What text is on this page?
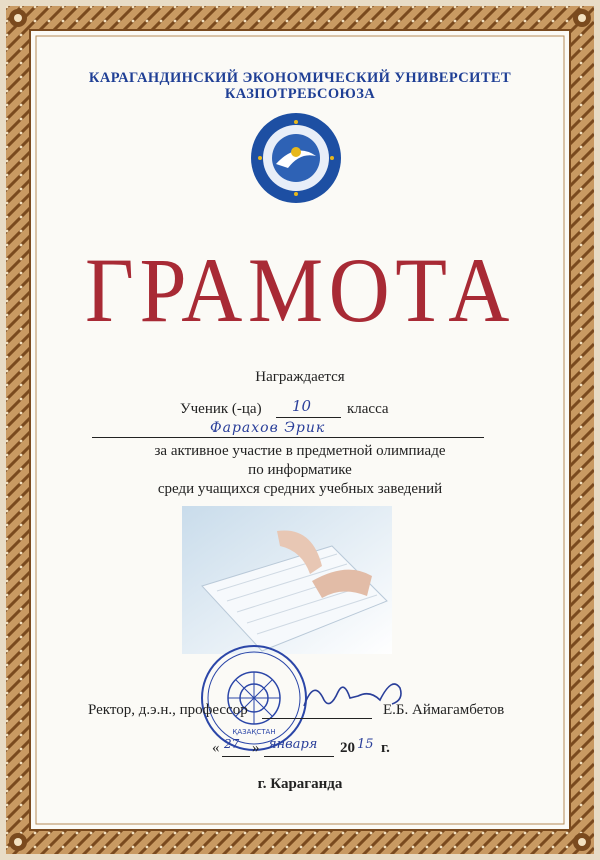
КАРАГАНДИНСКИЙ ЭКОНОМИЧЕСКИЙ УНИВЕРСИТЕТ
КАЗПОТРЕБСОЮЗА
ГРАМОТА
Награждается
Ученик (-ца) 10 класса
Фарахов Эрик
за активное участие в предметной олимпиаде
по информатике
среди учащихся средних учебных заведений
ҚАЗАҚСТАН
Ректор, д.э.н., профессор	Е.Б. Аймагамбетов
« 27 » января 20 15 г.
г. Караганда
